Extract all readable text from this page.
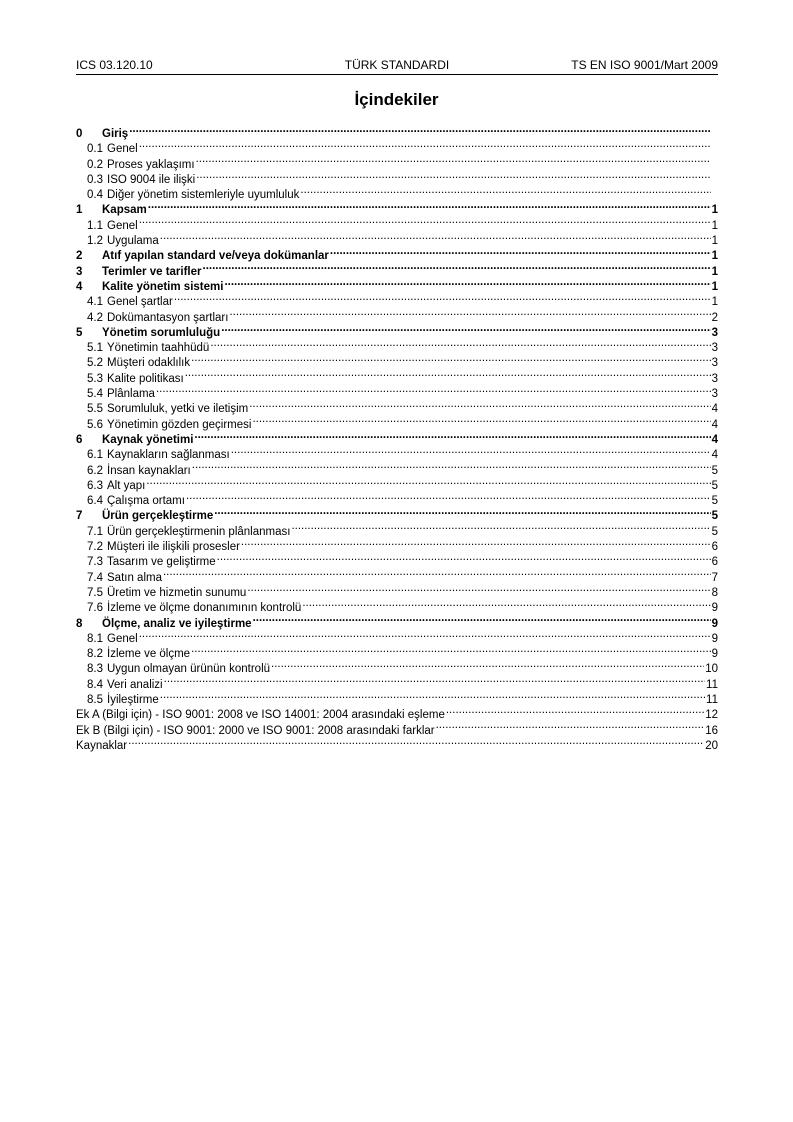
ICS 03.120.10	TÜRK STANDARDI	TS EN ISO 9001/Mart 2009
İçindekiler
0	Giriş
.....
0.1 Genel
.....
0.2 Proses yaklaşımı
.....
0.3 ISO 9004 ile ilişki
.....
0.4 Diğer yönetim sistemleriyle uyumluluk
.....
1	Kapsam .....	1
1.1 Genel .....	1
1.2 Uygulama .....	1
2	Atıf yapılan standard ve/veya dokümanlar .....	1
3	Terimler ve tarifler .....	1
4	Kalite yönetim sistemi .....	1
4.1 Genel şartlar .....	1
4.2 Dokümantasyon şartları .....	2
5	Yönetim sorumluluğu .....	3
5.1 Yönetimin taahhüdü .....	3
5.2 Müşteri odaklılık .....	3
5.3 Kalite politikası .....	3
5.4 Plânlama .....	3
5.5 Sorumluluk, yetki ve iletişim .....	4
5.6 Yönetimin gözden geçirmesi .....	4
6	Kaynak yönetimi .....	4
6.1 Kaynakların sağlanması .....	4
6.2 İnsan kaynakları .....	5
6.3 Alt yapı .....	5
6.4 Çalışma ortamı .....	5
7	Ürün gerçekleştirme .....	5
7.1 Ürün gerçekleştirmenin plânlanması .....	5
7.2 Müşteri ile ilişkili prosesler .....	6
7.3 Tasarım ve geliştirme .....	6
7.4 Satın alma .....	7
7.5 Üretim ve hizmetin sunumu .....	8
7.6 İzleme ve ölçme donanımının kontrolü .....	9
8	Ölçme, analiz ve iyileştirme .....	9
8.1 Genel .....	9
8.2 İzleme ve ölçme .....	9
8.3 Uygun olmayan ürünün kontrolü .....	10
8.4 Veri analizi .....	11
8.5 İyileştirme .....	11
Ek A (Bilgi için) - ISO 9001: 2008 ve ISO 14001: 2004 arasındaki eşleme .....	12
Ek B (Bilgi için) - ISO 9001: 2000 ve ISO 9001: 2008 arasındaki farklar .....	16
Kaynaklar .....	20
